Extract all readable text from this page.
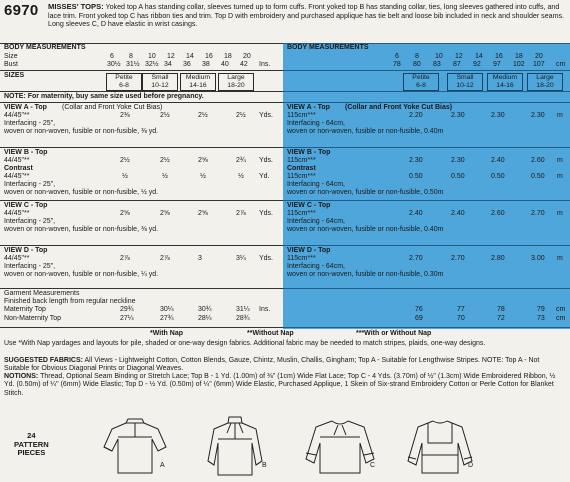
6970 MISSES' TOPS: Yoked top A has standing collar, sleeves turned up to form cuffs. Front yoked top B has standing collar, ties, long sleeves gathered into cuffs, and lace trim. Front yoked top C has ribbon ties and trim. Top D with embroidery and purchased applique has tie belt and loose bib included in neck and shoulder seams. Long sleeves C, D have elastic in wrist casings.
BODY MEASUREMENTS
Size
Bust
6 8 10 12 14 16 18 20
30½ 31½ 32½ 34 36 38 40 42 Ins.
SIZES	Petite
6-8
Small
10-12
Medium
14-16
Large
18-20
NOTE: For maternity, buy same size used before pregnancy.
VIEW A - Top (Collar and Front Yoke Cut Bias)
44/45"**	2⅜	2½	2½	2½ Yds.
Interfacing - 25",
woven or non-woven, fusible or non-fusible, ⅜ yd.
VIEW B - Top
44/45"**	2½	2½	2⅝	2¾ Yds.
Contrast
44/45"**	½	½	½	½ Yd.
Interfacing - 25",
woven or non-woven, fusible or non-fusible, ½ yd.
VIEW C - Top
44/45"**	2⅝	2⅝	2⅝	2⅞ Yds.
Interfacing - 25",
woven or non-woven, fusible or non-fusible, ⅜ yd.
VIEW D - Top
44/45"**	2⅞	2⅞	3	3¼ Yds.
Interfacing - 25",
woven or non-woven, fusible or non-fusible, ¼ yd.
Garment Measurements
Finished back length from regular neckline
Maternity Top	29¾	30¼	30¾	31¼ Ins.
Non-Maternity Top	27¼	27¾	28¼	28¾
BODY MEASUREMENTS
6 8 10 12 14 16 18 20
78 80 83 87 92 97 102 107 cm
Petite
6-8
Small
10-12
Medium
14-16
Large
18-20
VIEW A - Top (Collar and Front Yoke Cut Bias)
115cm***	2.20	2.30	2.30	2.30 m
Interfacing - 64cm,
woven or non-woven, fusible or non-fusible, 0.40m
VIEW B - Top
115cm***	2.30	2.30	2.40	2.60 m
Contrast
115cm***	0.50	0.50	0.50	0.50 m
Interfacing - 64cm,
woven or non-woven, fusible or non-fusible, 0.50m
VIEW C - Top
115cm***	2.40	2.40	2.60	2.70 m
Interfacing - 64cm,
woven or non-woven, fusible or non-fusible, 0.40m
VIEW D - Top
115cm***	2.70	2.70	2.80	3.00 m
Interfacing - 64cm,
woven or non-woven, fusible or non-fusible, 0.30m
76	77	78	79 cm
69	70	72	73 cm
*With Nap	**Without Nap	***With or Without Nap
Use *With Nap yardages and layouts for pile, shaded or one-way design fabrics. Additional fabric may be needed to match stripes, plaids, one-way designs.
SUGGESTED FABRICS: All Views - Lightweight Cotton, Cotton Blends, Gauze, Chintz, Muslin, Challis, Gingham; Top A - Suitable for Lengthwise Stripes. NOTE: Top A - Not Suitable for Obvious Diagonal Prints or Diagonal Weaves.
NOTIONS: Thread, Optional Seam Binding or Stretch Lace; Top B - 1 Yd. (1.00m) of ⅜" (1cm) Wide Flat Lace; Top C - 4 Yds. (3.70m) of ½" (1.3cm) Wide Embroidered Ribbon, ½ Yd. (0.50m) of ¼" (6mm) Wide Elastic; Top D - ½ Yd. (0.50m) of ¼" (6mm) Wide Elastic, Purchased Applique, 1 Skein of Six-strand Embroidery Cotton or Perle Cotton for Blanket Stitch.
24
PATTERN
PIECES
A	B	C	D
